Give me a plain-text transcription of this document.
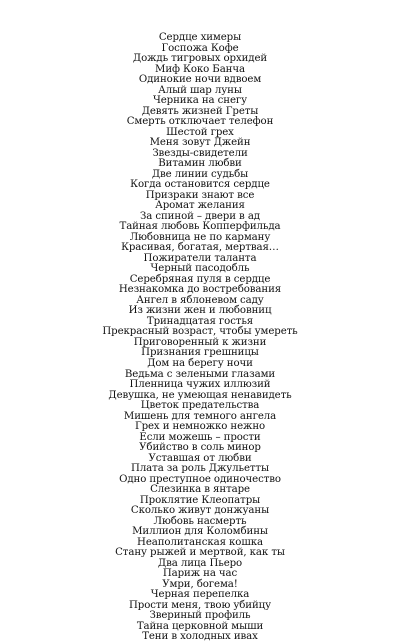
Сердце химеры
Госпожа Кофе
Дождь тигровых орхидей
Миф Коко Банча
Одинокие ночи вдвоем
Алый шар луны
Черника на снегу
Девять жизней Греты
Смерть отключает телефон
Шестой грех
Меня зовут Джейн
Звезды-свидетели
Витамин любви
Две линии судьбы
Когда остановится сердце
Призраки знают все
Аромат желания
За спиной – двери в ад
Тайная любовь Копперфильда
Любовница не по карману
Красивая, богатая, мертвая…
Пожиратели таланта
Черный пасодобль
Серебряная пуля в сердце
Незнакомка до востребования
Ангел в яблоневом саду
Из жизни жен и любовниц
Тринадцатая гостья
Прекрасный возраст, чтобы умереть
Приговоренный к жизни
Признания грешницы
Дом на берегу ночи
Ведьма с зелеными глазами
Пленница чужих иллюзий
Девушка, не умеющая ненавидеть
Цветок предательства
Мишень для темного ангела
Грех и немножко нежно
Если можешь – прости
Убийство в соль минор
Уставшая от любви
Плата за роль Джульетты
Одно преступное одиночество
Слезинка в янтаре
Проклятие Клеопатры
Сколько живут донжуаны
Любовь насмерть
Миллион для Коломбины
Неаполитанская кошка
Стану рыжей и мертвой, как ты
Два лица Пьеро
Париж на час
Умри, богема!
Черная перепелка
Прости меня, твою убийцу
Звериный профиль
Тайна церковной мыши
Тени в холодных ивах
